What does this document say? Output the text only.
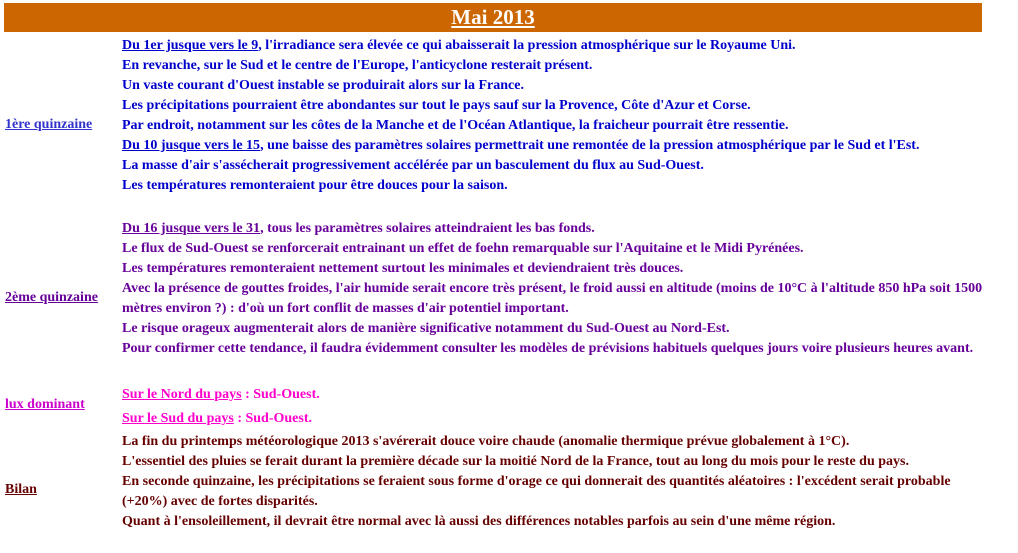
Mai 2013
1ère quinzaine

Du 1er jusque vers le 9, l'irradiance sera élevée ce qui abaisserait la pression atmosphérique sur le Royaume Uni.

En revanche, sur le Sud et le centre de l'Europe, l'anticyclone resterait présent.

Un vaste courant d'Ouest instable se produirait alors sur la France.

Les précipitations pourraient être abondantes sur tout le pays sauf sur la Provence, Côte d'Azur et Corse.

Par endroit, notamment sur les côtes de la Manche et de l'Océan Atlantique, la fraicheur pourrait être ressentie.

Du 10 jusque vers le 15, une baisse des paramètres solaires permettrait une remontée de la pression atmosphérique par le Sud et l'Est.

La masse d'air s'assécherait progressivement accélérée par un basculement du flux au Sud-Ouest.

Les températures remonteraient pour être douces pour la saison.

2ème quinzaine

Du 16 jusque vers le 31, tous les paramètres solaires atteindraient les bas fonds.

Le flux de Sud-Ouest se renforcerait entrainant un effet de foehn remarquable sur l'Aquitaine et le Midi Pyrénées.

Les températures remonteraient nettement surtout les minimales et deviendraient très douces.

Avec la présence de gouttes froides, l'air humide serait encore très présent, le froid aussi en altitude (moins de 10°C à l'altitude 850 hPa soit 1500 mètres environ ?) : d'où un fort conflit de masses d'air potentiel important.

Le risque orageux augmenterait alors de manière significative notamment du Sud-Ouest au Nord-Est.

Pour confirmer cette tendance, il faudra évidemment consulter les modèles de prévisions habituels quelques jours voire plusieurs heures avant.

lux dominant

Sur le Nord du pays : Sud-Ouest.

Sur le Sud du pays : Sud-Ouest.

Bilan

La fin du printemps météorologique 2013 s'avérerait douce voire chaude (anomalie thermique prévue globalement à 1°C).

L'essentiel des pluies se ferait durant la première décade sur la moitié Nord de la France, tout au long du mois pour le reste du pays.

En seconde quinzaine, les précipitations se feraient sous forme d'orage ce qui donnerait des quantités aléatoires : l'excédent serait probable (+20%) avec de fortes disparités.

Quant à l'ensoleillement, il devrait être normal avec là aussi des différences notables parfois au sein d'une même région.
